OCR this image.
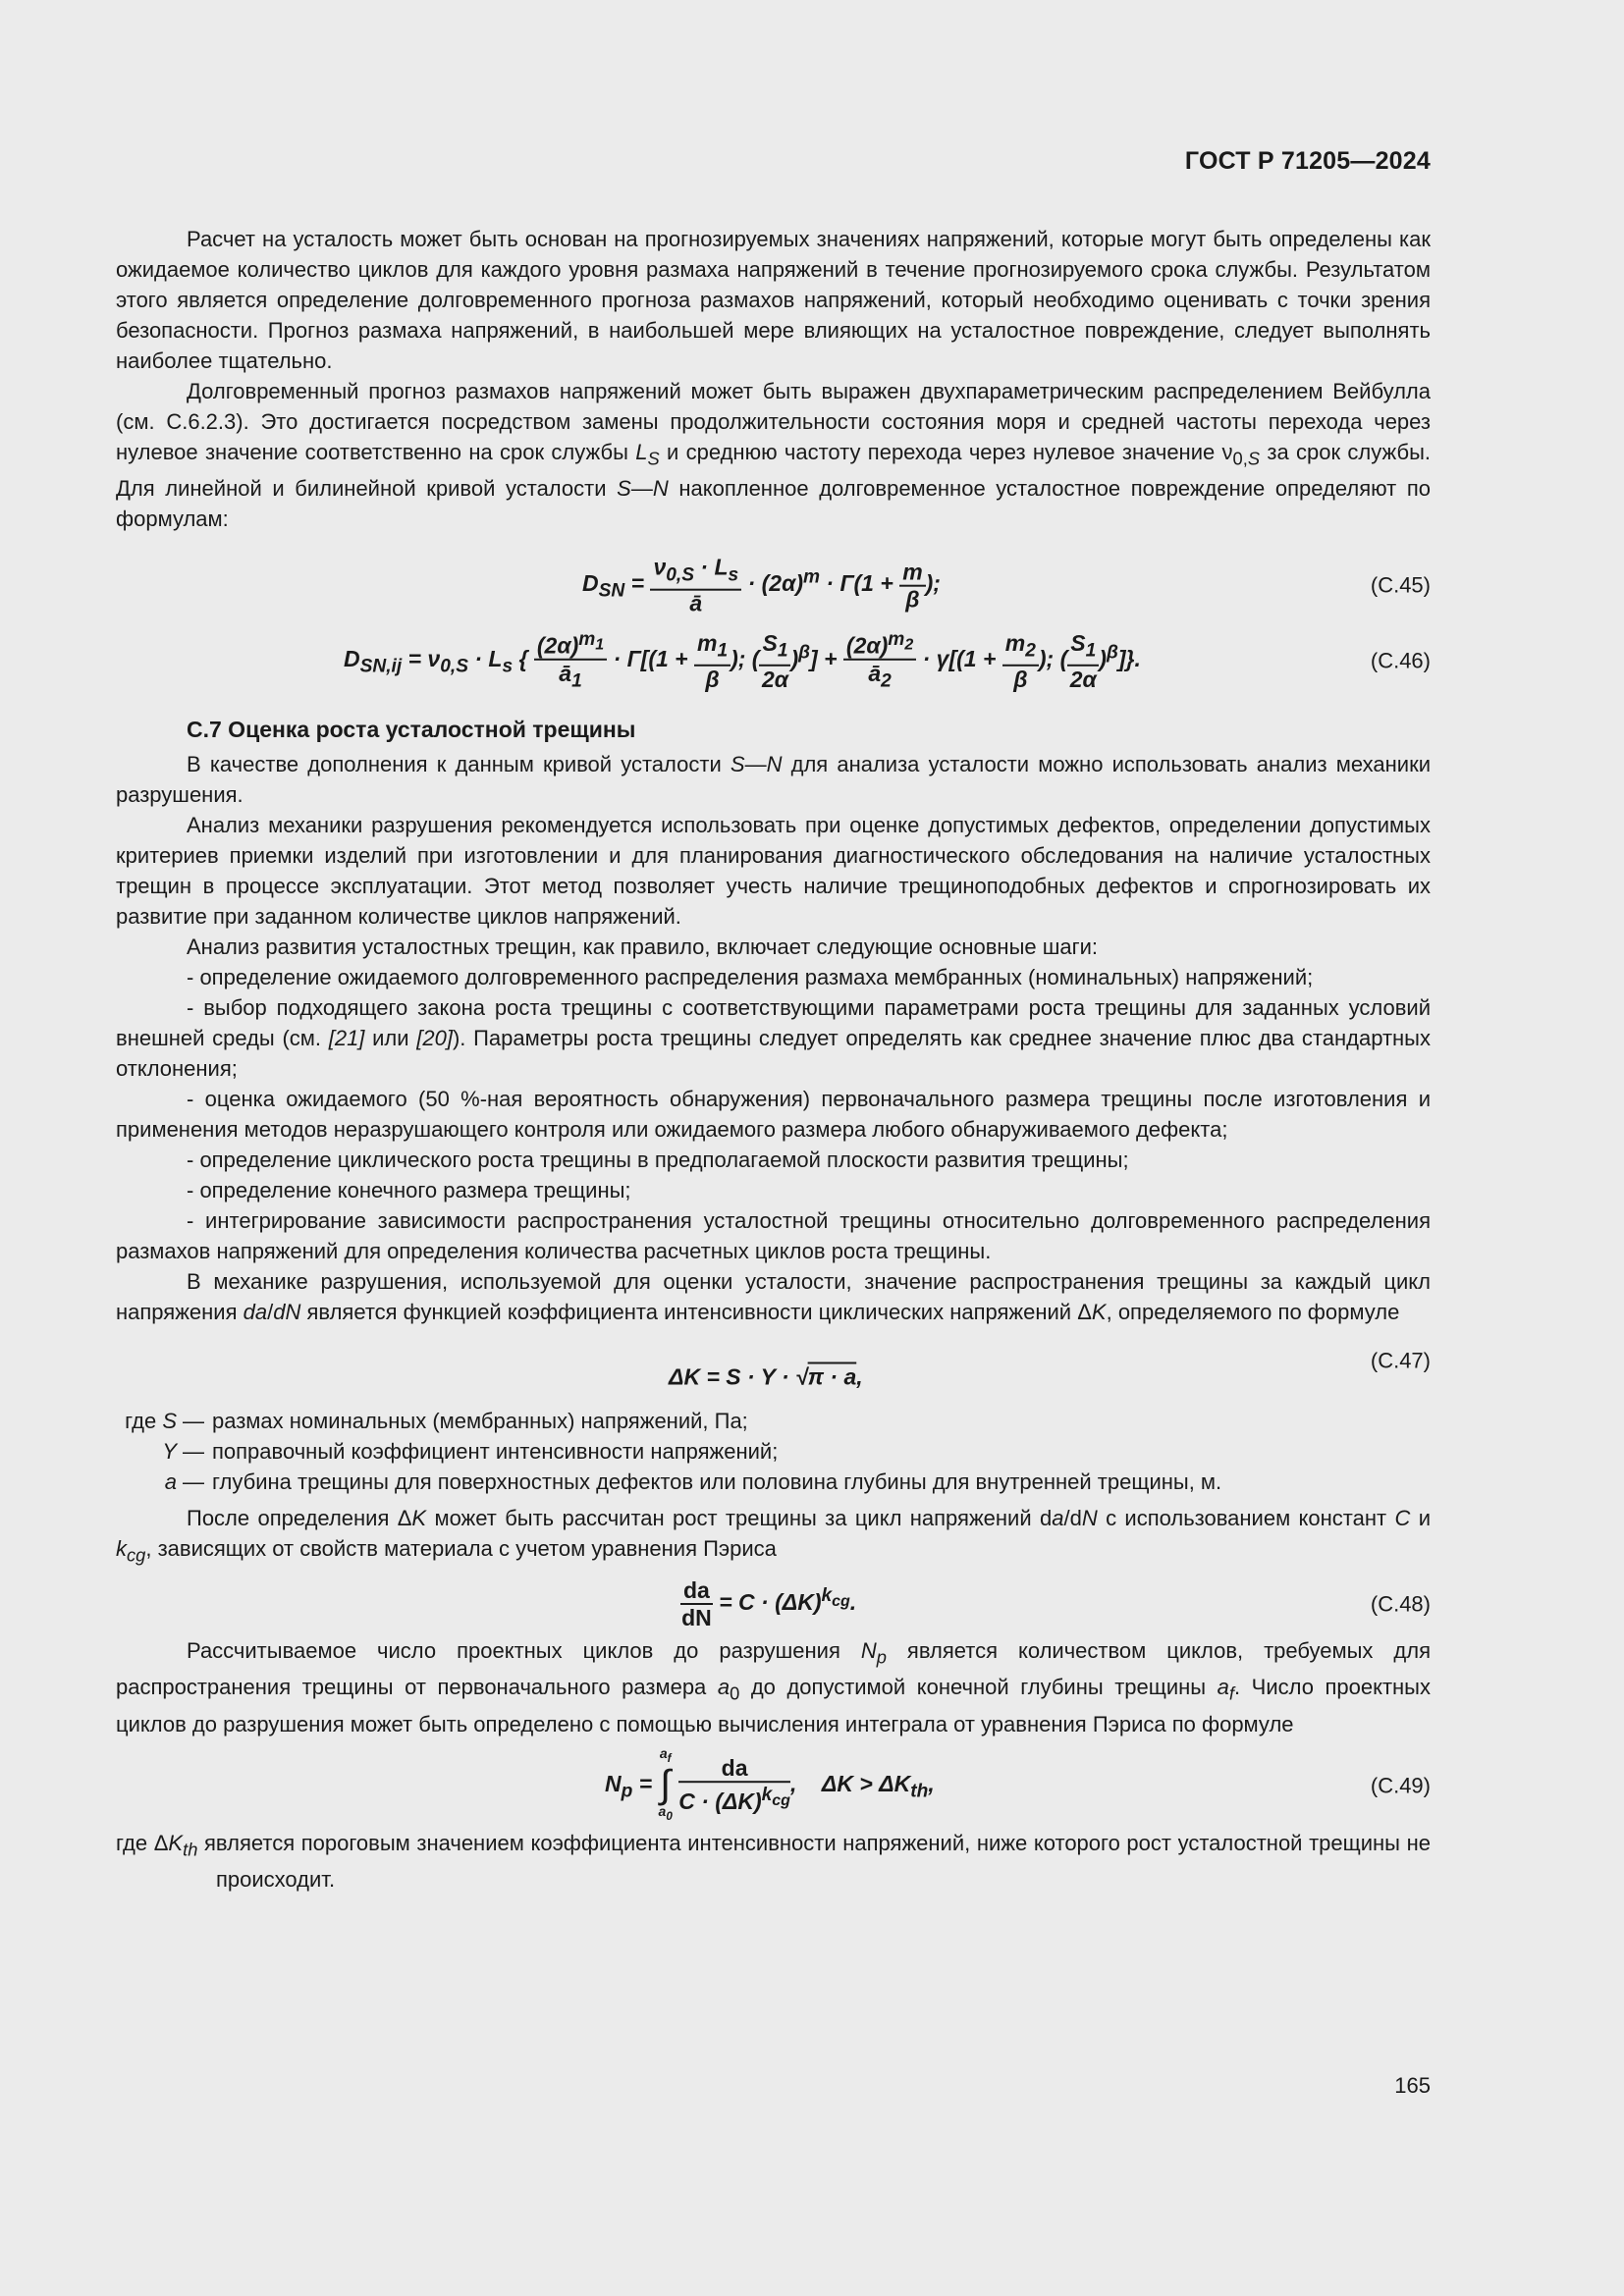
ГОСТ Р 71205—2024

Расчет на усталость может быть основан на прогнозируемых значениях напряжений, которые могут быть определены как ожидаемое количество циклов для каждого уровня размаха напряжений в течение прогнозируемого срока службы. Результатом этого является определение долговременного прогноза размахов напряжений, который необходимо оценивать с точки зрения безопасности. Прогноз размаха напряжений, в наибольшей мере влияющих на усталостное повреждение, следует выполнять наиболее тщательно.

Долговременный прогноз размахов напряжений может быть выражен двухпараметрическим распределением Вейбулла (см. С.6.2.3). Это достигается посредством замены продолжительности состояния моря и средней частоты перехода через нулевое значение соответственно на срок службы $L_S$ и среднюю частоту перехода через нулевое значение $\nu_{0,S}$ за срок службы. Для линейной и билинейной кривой усталости S—N накопленное долговременное усталостное повреждение определяют по формулам:

$D_{SN} = \frac{\nu_{0,S} \cdot L_s}{ā} \cdot (2\alpha)^m \cdot \Gamma(1 + \frac{m}{\beta}$ );	(С.45)
$D_{SN,ij} = \nu_{0,S} \cdot L_s$ { $\frac{(2\alpha)^{m_1}}{ā_1} \cdot \Gamma[(1 + \frac{m_1}{\beta}$ ); ( $\frac{S_1}{2\alpha} )^\beta] + \frac{(2\alpha)^{m_2}}{ā_2} \cdot \gamma[(1 + \frac{m_2}{\beta}$ ); ( $\frac{S_1}{2\alpha} )^\beta$]}.	(С.46)
С.7 Оценка роста усталостной трещины

В качестве дополнения к данным кривой усталости S—N для анализа усталости можно использовать анализ механики разрушения.

Анализ механики разрушения рекомендуется использовать при оценке допустимых дефектов, определении допустимых критериев приемки изделий при изготовлении и для планирования диагностического обследования на наличие усталостных трещин в процессе эксплуатации. Этот метод позволяет учесть наличие трещиноподобных дефектов и спрогнозировать их развитие при заданном количестве циклов напряжений.

Анализ развития усталостных трещин, как правило, включает следующие основные шаги:

- определение ожидаемого долговременного распределения размаха мембранных (номинальных) напряжений;

- выбор подходящего закона роста трещины с соответствующими параметрами роста трещины для заданных условий внешней среды (см. [21] или [20]). Параметры роста трещины следует определять как среднее значение плюс два стандартных отклонения;

- оценка ожидаемого (50 %-ная вероятность обнаружения) первоначального размера трещины после изготовления и применения методов неразрушающего контроля или ожидаемого размера любого обнаруживаемого дефекта;

- определение циклического роста трещины в предполагаемой плоскости развития трещины;

- определение конечного размера трещины;

- интегрирование зависимости распространения усталостной трещины относительно долговременного распределения размахов напряжений для определения количества расчетных циклов роста трещины.

В механике разрушения, используемой для оценки усталости, значение распространения трещины за каждый цикл напряжения da/dN является функцией коэффициента интенсивности циклических напряжений ΔK, определяемого по формуле

ΔK = S · Y · √π · a,
(С.47)
где S — размах номинальных (мембранных) напряжений, Па;
Y — поправочный коэффициент интенсивности напряжений;
a — глубина трещины для поверхностных дефектов или половина глубины для внутренней трещины, м.

После определения ΔK может быть рассчитан рост трещины за цикл напряжений da/dN с использованием констант C и $k_{cg}$, зависящих от свойств материала с учетом уравнения Пэриса

$\frac{da}{dN} = C \cdot (\Delta K)^{k_{cg}}$.	(С.48)

Рассчитываемое число проектных циклов до разрушения $N_p$ является количеством циклов, требуемых для распространения трещины от первоначального размера $a_0$ до допустимой конечной глубины трещины $a_f$. Число проектных циклов до разрушения может быть определено с помощью вычисления интеграла от уравнения Пэриса по формуле

$N_p$ =
$a_f$
∫
$a_0$

$\frac{da}{C \cdot (\Delta K)^{k_{cg}}}$ ,    $\Delta K > \Delta K_{th}$,	(С.49)

где $\Delta K_{th}$ является пороговым значением коэффициента интенсивности напряжений, ниже которого рост усталостной трещины не происходит.

165
